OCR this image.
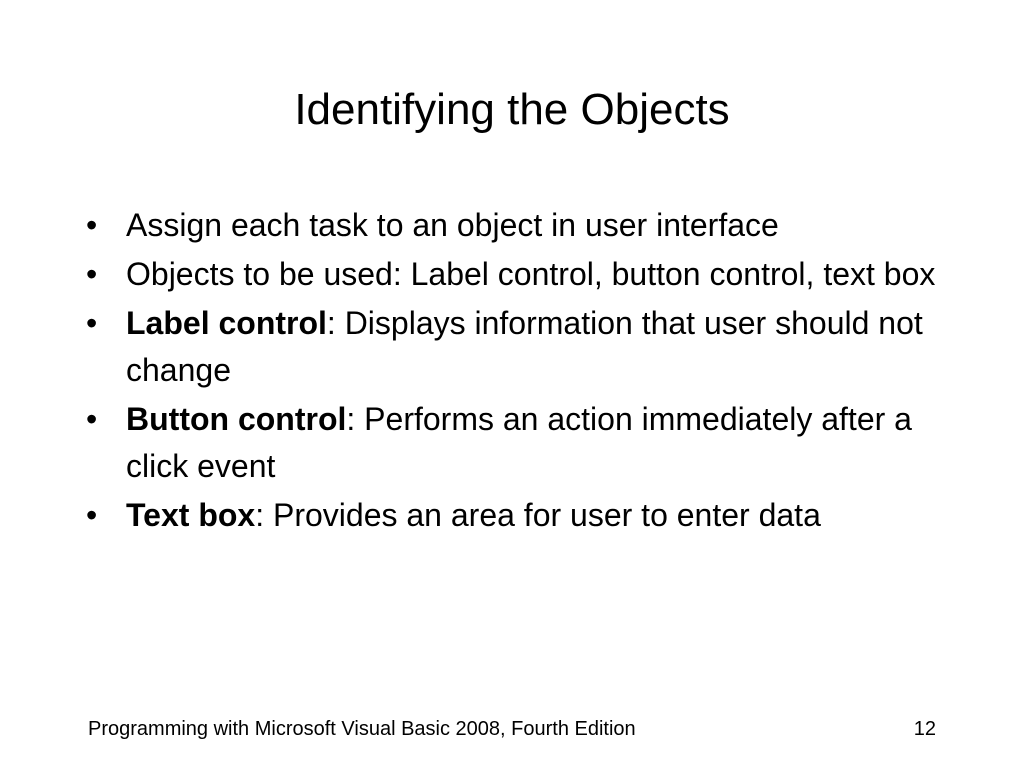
Identifying the Objects
• Assign each task to an object in user interface
• Objects to be used: Label control, button control, text box
• Label control: Displays information that user should not change
• Button control: Performs an action immediately after a click event
• Text box: Provides an area for user to enter data
Programming with Microsoft Visual Basic 2008, Fourth Edition	12
